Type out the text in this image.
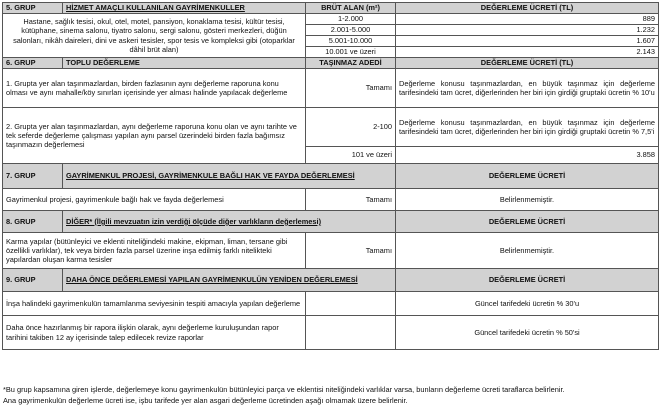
5. GRUP	HİZMET AMAÇLI KULLANILAN GAYRİMENKULLER	BRÜT ALAN (m²)	DEĞERLEME ÜCRETİ (TL)
Hastane, sağlık tesisi, okul, otel, motel, pansiyon, konaklama tesisi, kültür tesisi, kütüphane, sinema salonu, tiyatro salonu, sergi salonu, gösteri merkezleri, düğün salonları, nikâh daireleri, dini ve askeri tesisler, spor tesis ve kompleksi gibi (otoparklar dâhil brüt alan)		1-2.000	889
		2.001-5.000	1.232
		5.001-10.000	1.607
		10.001 ve üzeri	2.143
6. GRUP	TOPLU DEĞERLEME	TAŞINMAZ ADEDİ	DEĞERLEME ÜCRETİ (TL)
1. Grupta yer alan taşınmazlardan, birden fazlasının aynı değerleme raporuna konu olması ve aynı mahalle/köy sınırları içerisinde yer alması halinde yapılacak değerleme		Tamamı	Değerleme konusu taşınmazlardan, en büyük taşınmaz için değerleme tarifesindeki tam ücret, diğerlerinden her biri için girdiği gruptaki ücretin % 10'u
2. Grupta yer alan taşınmazlardan, aynı değerleme raporuna konu olan ve aynı tarihte ve tek seferde değerleme çalışması yapılan aynı parsel üzerindeki birden fazla bağımsız taşınmazın değerlemesi		2-100	Değerleme konusu taşınmazlardan, en büyük taşınmaz için değerleme tarifesindeki tam ücret, diğerlerinden her biri için girdiği gruptaki ücretin % 7,5'i
		101 ve üzeri	3.858
7. GRUP	GAYRİMENKUL PROJESİ, GAYRİMENKULE BAĞLI HAK VE FAYDA DEĞERLEMESİ		DEĞERLEME ÜCRETİ
Gayrimenkul projesi, gayrimenkule bağlı hak ve fayda değerlemesi		Tamamı	Belirlenmemiştir.
8. GRUP	DİĞER* (İlgili mevzuatın izin verdiği ölçüde diğer varlıkların değerlemesi)		DEĞERLEME ÜCRETİ
Karma yapılar (bütünleyici ve eklenti niteliğindeki makine, ekipman, liman, tersane gibi özellikli varlıklar), tek veya birden fazla parsel üzerine inşa edilmiş farklı nitelikteki yapılardan oluşan karma tesisler		Tamamı	Belirlenmemiştir.
9. GRUP	DAHA ÖNCE DEĞERLEMESİ YAPILAN GAYRİMENKULÜN YENİDEN DEĞERLEMESİ		DEĞERLEME ÜCRETİ
İnşa halindeki gayrimenkulün tamamlanma seviyesinin tespiti amacıyla yapılan değerleme			Güncel tarifedeki ücretin % 30'u
Daha önce hazırlanmış bir rapora ilişkin olarak, aynı değerleme kuruluşundan rapor tarihini takiben 12 ay içerisinde talep edilecek revize raporlar			Güncel tarifedeki ücretin % 50'si
*Bu grup kapsamına giren işlerde, değerlemeye konu gayrimenkulün bütünleyici parça ve eklentisi niteliğindeki varlıklar varsa, bunların değerleme ücreti taraflarca belirlenir.
Ana gayrimenkulün değerleme ücreti ise, işbu tarifede yer alan asgari değerleme ücretinden aşağı olmamak üzere belirlenir.
